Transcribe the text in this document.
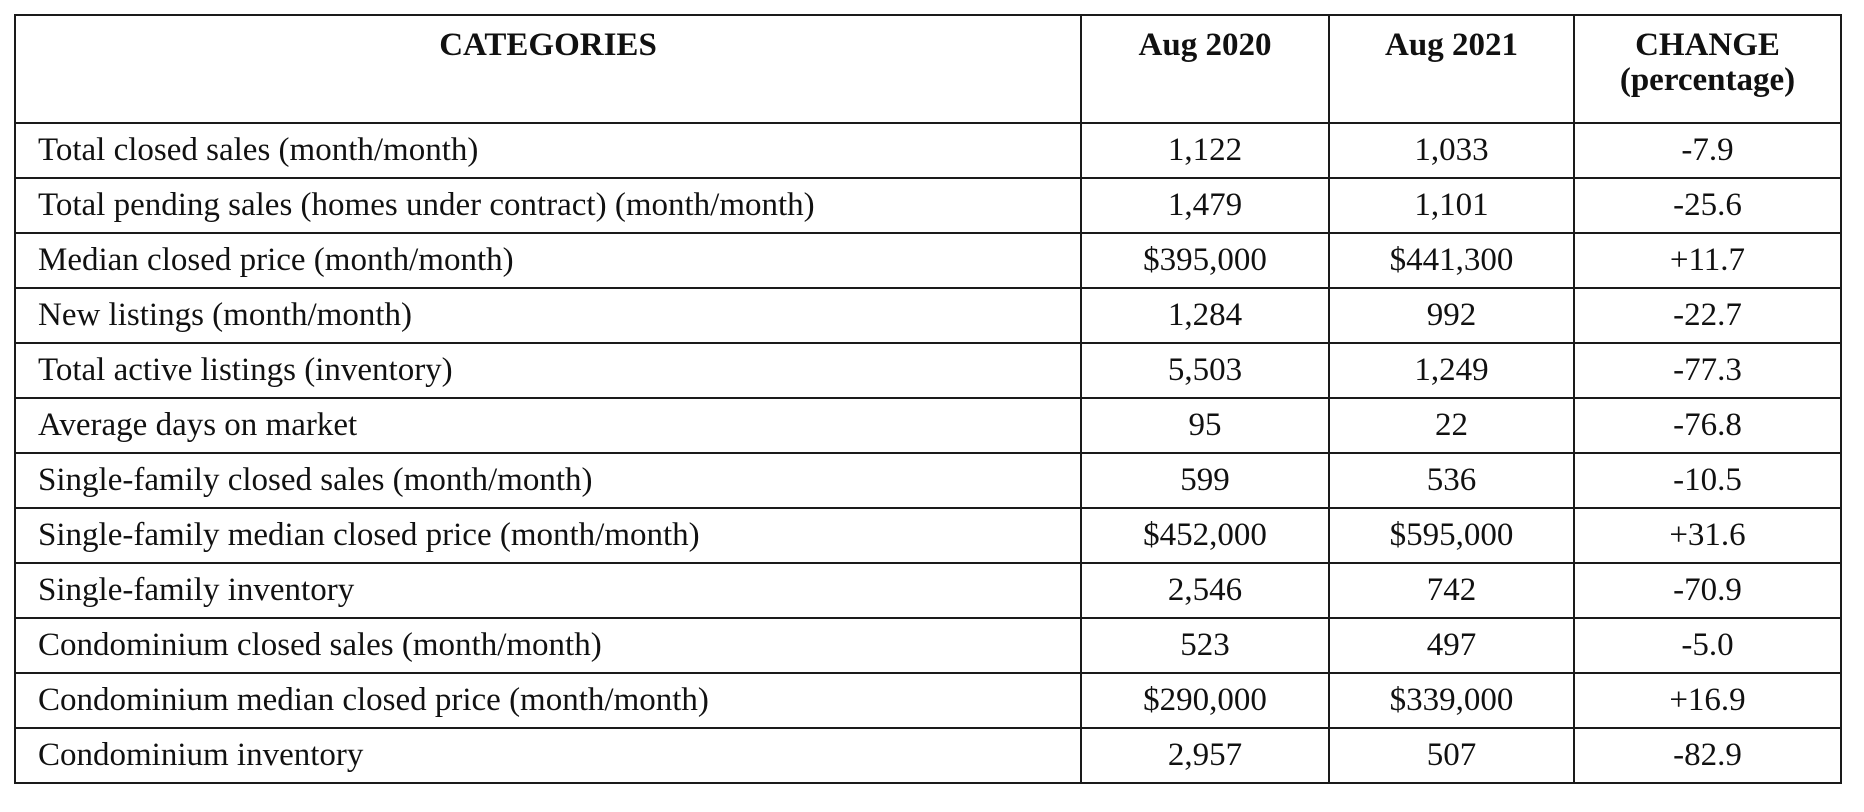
CATEGORIES	Aug 2020	Aug 2021	CHANGE
(percentage)

Total closed sales (month/month)	1,122	1,033	-7.9
Total pending sales (homes under contract) (month/month)	1,479	1,101	-25.6
Median closed price (month/month)	$395,000	$441,300	+11.7
New listings (month/month)	1,284	992	-22.7
Total active listings (inventory)	5,503	1,249	-77.3
Average days on market	95	22	-76.8
Single-family closed sales (month/month)	599	536	-10.5
Single-family median closed price (month/month)	$452,000	$595,000	+31.6
Single-family inventory	2,546	742	-70.9
Condominium closed sales (month/month)	523	497	-5.0
Condominium median closed price (month/month)	$290,000	$339,000	+16.9
Condominium inventory	2,957	507	-82.9
